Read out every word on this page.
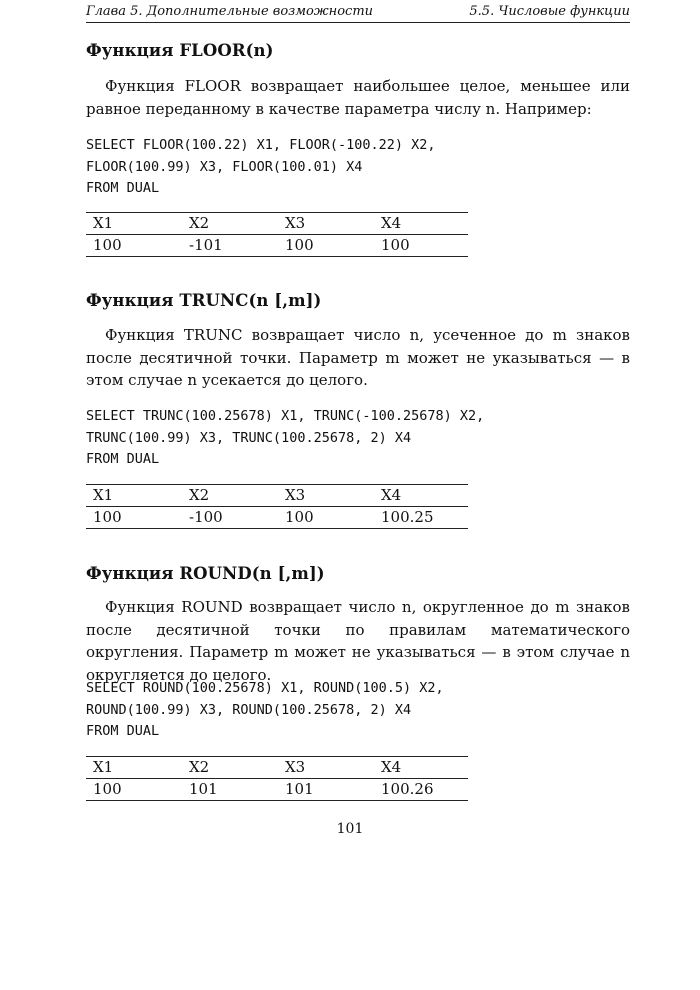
Глава 5. Дополнительные возможности	5.5. Числовые функции
Функция FLOOR(n)

Функция FLOOR возвращает наибольшее целое, меньшее или равное переданному в качестве параметра числу n. Например:

SELECT FLOOR(100.22) X1, FLOOR(-100.22) X2,
FLOOR(100.99) X3, FLOOR(100.01) X4
FROM DUAL
X1	X2	X3	X4
100	-101	100	100
Функция TRUNC(n [,m])

Функция TRUNC возвращает число n, усеченное до m знаков после десятичной точки. Параметр m может не указываться — в этом случае n усекается до целого.

SELECT TRUNC(100.25678) X1, TRUNC(-100.25678) X2,
TRUNC(100.99) X3, TRUNC(100.25678, 2) X4
FROM DUAL
X1	X2	X3	X4
100	-100	100	100.25
Функция ROUND(n [,m])

Функция ROUND возвращает число n, округленное до m знаков после десятичной точки по правилам математического округления. Параметр m может не указываться — в этом случае n округляется до целого.

SELECT ROUND(100.25678) X1, ROUND(100.5) X2,
ROUND(100.99) X3, ROUND(100.25678, 2) X4
FROM DUAL
X1	X2	X3	X4
100	101	101	100.26
101
